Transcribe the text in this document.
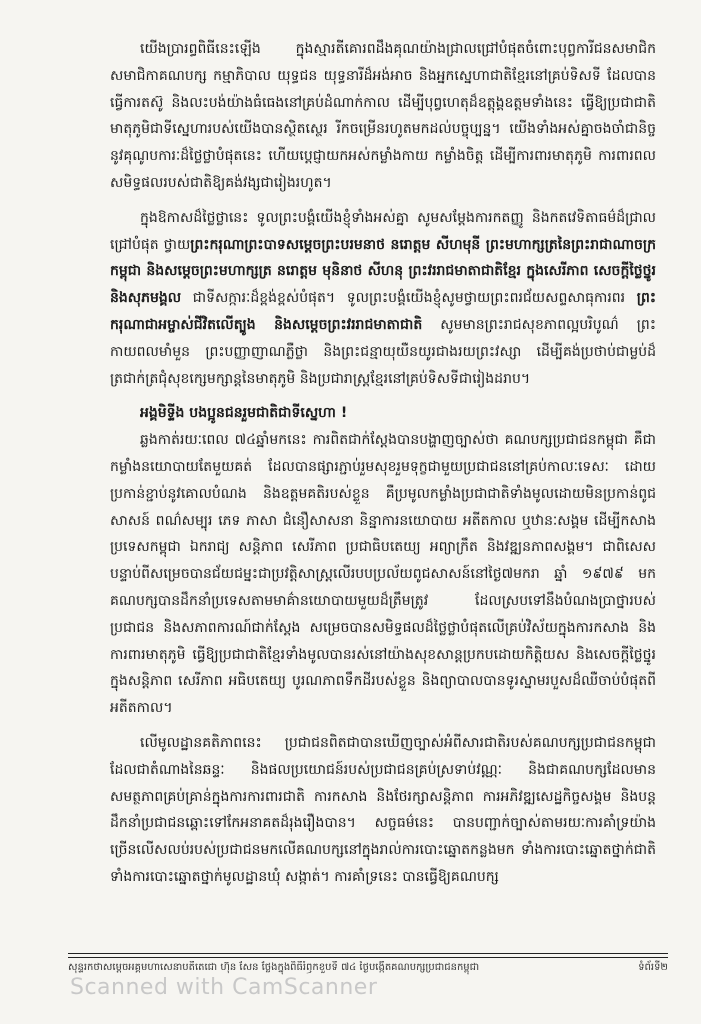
យើងប្រារព្ធពិធីនេះឡើង ក្នុងស្មារតីគោរពដឹងគុណយ៉ាងជ្រាលជ្រៅបំផុតចំពោះបុព្វការីជនសមាជិក សមាជិកាគណបក្ស កម្មាភិបាល យុទ្ធជន យុទ្ធនារីដ៏អង់អាច និងអ្នកស្នេហាជាតិខ្មែរនៅគ្រប់ទិសទី ដែលបានធ្វើការតស៊ូ និងលះបង់យ៉ាងធំធេងនៅគ្រប់ដំណាក់កាល ដើម្បីបុព្វហេតុដ៏ឧត្តុង្គឧត្តមទាំងនេះ ធ្វើឱ្យប្រជាជាតិមាតុភូមិជាទីស្នេហារបស់យើងបានស្ថិតស្ថេរ រីកចម្រើនរហូតមកដល់បច្ចុប្បន្ន។ យើងទាំងអស់គ្នាចងចាំជានិច្ចនូវគុណូបការៈដ៏ថ្លៃថ្លាបំផុតនេះ ហើយប្តេជ្ញាយកអស់កម្លាំងកាយ កម្លាំងចិត្ត ដើម្បីការពារមាតុភូមិ ការពារពលសមិទ្ធផលរបស់ជាតិឱ្យគង់វង្សជារៀងរហូត។

ក្នុងឱកាសដ៏ថ្លៃថ្លានេះ ទូលព្រះបង្គំយើងខ្ញុំទាំងអស់គ្នា សូមសម្តែងការកតញ្ញូ និងកតវេទិតាធម៌ដ៏ជ្រាលជ្រៅបំផុត ថ្វាយព្រះករុណាព្រះបាទសម្តេចព្រះបរមនាថ នរោត្តម សីហមុនី ព្រះមហាក្សត្រនៃព្រះរាជាណាចក្រកម្ពុជា និងសម្តេចព្រះមហាក្សត្រ នរោត្តម មុនិនាថ សីហនុ ព្រះវររាជមាតាជាតិខ្មែរ ក្នុងសេរីភាព សេចក្តីថ្លៃថ្នូរ និងសុភមង្គល ជាទីសក្ការៈដ៏ខ្ពង់ខ្ពស់បំផុត។ ទូលព្រះបង្គំយើងខ្ញុំសូមថ្វាយព្រះពរជ័យសព្ទសាធុការពរ ព្រះករុណាជាអម្ចាស់ជីវិតលើត្បូង និងសម្តេចព្រះវររាជមាតាជាតិ សូមមានព្រះរាជសុខភាពល្អបរិបូណ៌ ព្រះកាយពលមាំមួន ព្រះបញ្ញាញាណភ្លឺថ្លា និងព្រះជន្មាយុយឺនយូរជាងរយព្រះវស្សា ដើម្បីគង់ប្រថាប់ជាម្លប់ដ៏ត្រជាក់ត្រជុំសុខក្សេមក្សាន្តនៃមាតុភូមិ និងប្រជារាស្ត្រខ្មែរនៅគ្រប់ទិសទីជារៀងដរាប។

អង្គមិទ្ទីង បងប្អូនជនរួមជាតិជាទីស្នេហា !

ឆ្លងកាត់រយៈពេល ៧៤ឆ្នាំមកនេះ ការពិតជាក់ស្តែងបានបង្ហាញច្បាស់ថា គណបក្សប្រជាជនកម្ពុជា គឺជាកម្លាំងនយោបាយតែមួយគត់ ដែលបានផ្សារភ្ជាប់រួមសុខរួមទុក្ខជាមួយប្រជាជននៅគ្រប់កាលៈទេសៈ ដោយប្រកាន់ខ្ជាប់នូវគោលបំណង និងឧត្តមគតិរបស់ខ្លួន គឺប្រមូលកម្លាំងប្រជាជាតិទាំងមូលដោយមិនប្រកាន់ពូជសាសន៍ ពណ៌សម្បុរ ភេទ ភាសា ជំនឿសាសនា និន្នាការនយោបាយ អតីតកាល ឬឋានៈសង្គម ដើម្បីកសាងប្រទេសកម្ពុជា ឯករាជ្យ សន្តិភាព សេរីភាព ប្រជាធិបតេយ្យ អព្យាក្រឹត និងវឌ្ឍនភាពសង្គម។ ជាពិសេស បន្ទាប់ពីសម្រេចបានជ័យជម្នះជាប្រវត្តិសាស្ត្រលើរបបប្រល័យពូជសាសន៍នៅថ្ងៃ៧មករា ឆ្នាំ ១៩៧៩ មក គណបក្សបានដឹកនាំប្រទេសតាមមាគ៌ានយោបាយមួយដ៏ត្រឹមត្រូវ ដែលស្របទៅនឹងបំណងប្រាថ្នារបស់ប្រជាជន និងសភាពការណ៍ជាក់ស្តែង សម្រេចបានសមិទ្ធផលដ៏ថ្លៃថ្លាបំផុតលើគ្រប់វិស័យក្នុងការកសាង និងការពារមាតុភូមិ ធ្វើឱ្យប្រជាជាតិខ្មែរទាំងមូលបានរស់នៅយ៉ាងសុខសាន្តប្រកបដោយកិត្តិយស និងសេចក្តីថ្លៃថ្នូរក្នុងសន្តិភាព សេរីភាព អធិបតេយ្យ បូរណភាពទឹកដីរបស់ខ្លួន និងព្យាបាលបានទូរស្នាមរបួសដ៏ឈឺចាប់បំផុតពីអតីតកាល។

លើមូលដ្ឋានគតិភាពនេះ ប្រជាជនពិតជាបានឃើញច្បាស់អំពីសារជាតិរបស់គណបក្សប្រជាជនកម្ពុជា ដែលជាតំណាងនៃឆន្ទៈ និងផលប្រយោជន៍របស់ប្រជាជនគ្រប់ស្រទាប់វណ្ណៈ និងជាគណបក្សដែលមានសមត្ថភាពគ្រប់គ្រាន់ក្នុងការការពារជាតិ ការកសាង និងថែរក្សាសន្តិភាព ការអភិវឌ្ឍសេដ្ឋកិច្ចសង្គម និងបន្តដឹកនាំប្រជាជនឆ្ពោះទៅកែអនាគតដ៏រុងរឿងបាន។ សច្ចធម៌នេះ បានបញ្ជាក់ច្បាស់តាមរយៈការគាំទ្រយ៉ាងច្រើនលើសលប់របស់ប្រជាជនមកលើគណបក្សនៅក្នុងរាល់ការបោះឆ្នោតកន្លងមក ទាំងការបោះឆ្នោតថ្នាក់ជាតិ ទាំងការបោះឆ្នោតថ្នាក់មូលដ្ឋានឃុំ សង្កាត់។ ការគាំទ្រនេះ បានធ្វើឱ្យគណបក្ស

សុន្ទរកថាសម្តេចអគ្គមហាសេនាបតីតេជោ ហ៊ុន សែន ថ្លែងក្នុងពិធីរំឭកខួបទី ៧៤ ថ្ងៃបង្កើតគណបក្សប្រជាជនកម្ពុជា	ទំព័រទី២
Scanned with CamScanner
